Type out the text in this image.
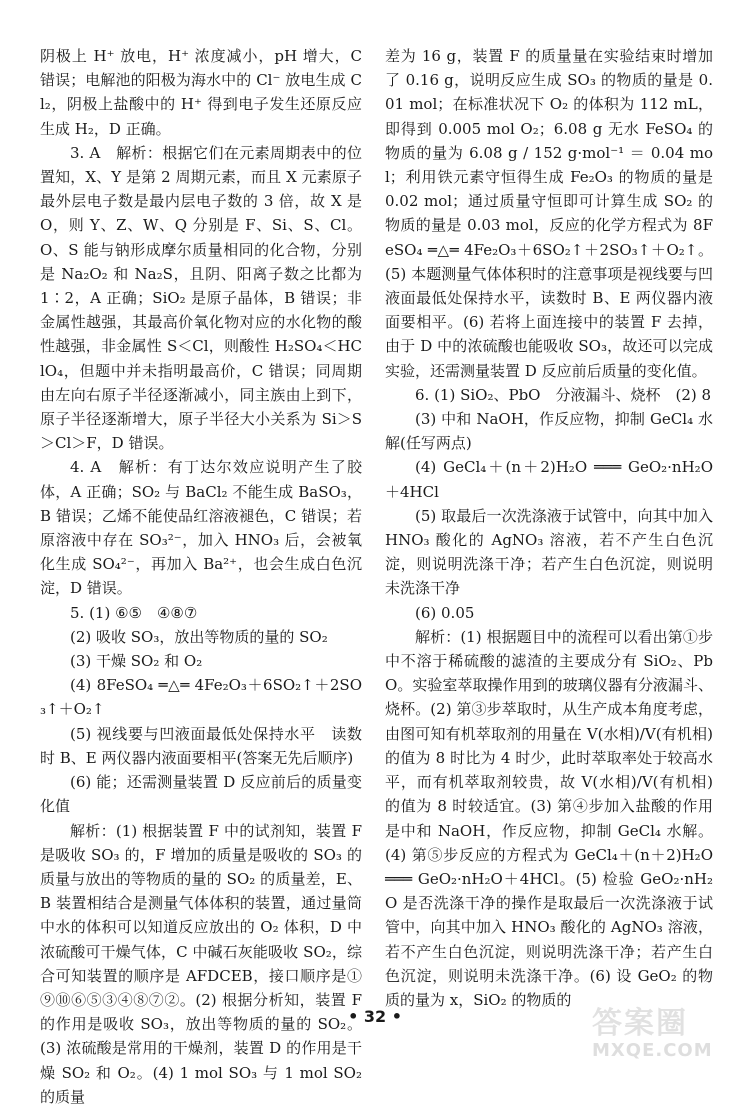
阴极上 H⁺ 放电，H⁺ 浓度减小，pH 增大，C 错误；电解池的阳极为海水中的 Cl⁻ 放电生成 Cl₂，阴极上盐酸中的 H⁺ 得到电子发生还原反应生成 H₂，D 正确。

3. A　解析：根据它们在元素周期表中的位置知，X、Y 是第 2 周期元素，而且 X 元素原子最外层电子数是最内层电子数的 3 倍，故 X 是 O，则 Y、Z、W、Q 分别是 F、Si、S、Cl。O、S 能与钠形成摩尔质量相同的化合物，分别是 Na₂O₂ 和 Na₂S，且阴、阳离子数之比都为 1∶2，A 正确；SiO₂ 是原子晶体，B 错误；非金属性越强，其最高价氧化物对应的水化物的酸性越强，非金属性 S＜Cl，则酸性 H₂SO₄＜HClO₄，但题中并未指明最高价，C 错误；同周期由左向右原子半径逐渐减小，同主族由上到下，原子半径逐渐增大，原子半径大小关系为 Si＞S＞Cl＞F，D 错误。

4. A　解析：有丁达尔效应说明产生了胶体，A 正确；SO₂ 与 BaCl₂ 不能生成 BaSO₃，B 错误；乙烯不能使品红溶液褪色，C 错误；若原溶液中存在 SO₃²⁻，加入 HNO₃ 后，会被氧化生成 SO₄²⁻，再加入 Ba²⁺，也会生成白色沉淀，D 错误。

5. (1) ⑥⑤　④⑧⑦

(2) 吸收 SO₃，放出等物质的量的 SO₂

(3) 干燥 SO₂ 和 O₂

(4) 8FeSO₄ ═△═ 4Fe₂O₃＋6SO₂↑＋2SO₃↑＋O₂↑

(5) 视线要与凹液面最低处保持水平　读数时 B、E 两仪器内液面要相平(答案无先后顺序)

(6) 能；还需测量装置 D 反应前后的质量变化值

解析：(1) 根据装置 F 中的试剂知，装置 F 是吸收 SO₃ 的，F 增加的质量是吸收的 SO₃ 的质量与放出的等物质的量的 SO₂ 的质量差，E、B 装置相结合是测量气体体积的装置，通过量筒中水的体积可以知道反应放出的 O₂ 体积，D 中浓硫酸可干燥气体，C 中碱石灰能吸收 SO₂，综合可知装置的顺序是 AFDCEB，接口顺序是①⑨⑩⑥⑤③④⑧⑦②。(2) 根据分析知，装置 F 的作用是吸收 SO₃，放出等物质的量的 SO₂。(3) 浓硫酸是常用的干燥剂，装置 D 的作用是干燥 SO₂ 和 O₂。(4) 1 mol SO₃ 与 1 mol SO₂ 的质量

差为 16 g，装置 F 的质量量在实验结束时增加了 0.16 g，说明反应生成 SO₃ 的物质的量是 0.01 mol；在标准状况下 O₂ 的体积为 112 mL，即得到 0.005 mol O₂；6.08 g 无水 FeSO₄ 的物质的量为 6.08 g / 152 g·mol⁻¹ ＝ 0.04 mol；利用铁元素守恒得生成 Fe₂O₃ 的物质的量是 0.02 mol；通过质量守恒即可计算生成 SO₂ 的物质的量是 0.03 mol，反应的化学方程式为 8FeSO₄ ═△═ 4Fe₂O₃＋6SO₂↑＋2SO₃↑＋O₂↑。(5) 本题测量气体体积时的注意事项是视线要与凹液面最低处保持水平，读数时 B、E 两仪器内液面要相平。(6) 若将上面连接中的装置 F 去掉，由于 D 中的浓硫酸也能吸收 SO₃，故还可以完成实验，还需测量装置 D 反应前后质量的变化值。

6. (1) SiO₂、PbO　分液漏斗、烧杯　(2) 8

(3) 中和 NaOH，作反应物，抑制 GeCl₄ 水解(任写两点)

(4) GeCl₄＋(n＋2)H₂O ═══ GeO₂·nH₂O＋4HCl

(5) 取最后一次洗涤液于试管中，向其中加入 HNO₃ 酸化的 AgNO₃ 溶液，若不产生白色沉淀，则说明洗涤干净；若产生白色沉淀，则说明未洗涤干净

(6) 0.05

解析：(1) 根据题目中的流程可以看出第①步中不溶于稀硫酸的滤渣的主要成分有 SiO₂、PbO。实验室萃取操作用到的玻璃仪器有分液漏斗、烧杯。(2) 第③步萃取时，从生产成本角度考虑，由图可知有机萃取剂的用量在 V(水相)/V(有机相) 的值为 8 时比为 4 时少，此时萃取率处于较高水平，而有机萃取剂较贵，故 V(水相)/V(有机相) 的值为 8 时较适宜。(3) 第④步加入盐酸的作用是中和 NaOH，作反应物，抑制 GeCl₄ 水解。(4) 第⑤步反应的方程式为 GeCl₄＋(n＋2)H₂O ═══ GeO₂·nH₂O＋4HCl。(5) 检验 GeO₂·nH₂O 是否洗涤干净的操作是取最后一次洗涤液于试管中，向其中加入 HNO₃ 酸化的 AgNO₃ 溶液，若不产生白色沉淀，则说明洗涤干净；若产生白色沉淀，则说明未洗涤干净。(6) 设 GeO₂ 的物质的量为 x，SiO₂ 的物质的

• 32 •	答案圈
MXQE.COM
